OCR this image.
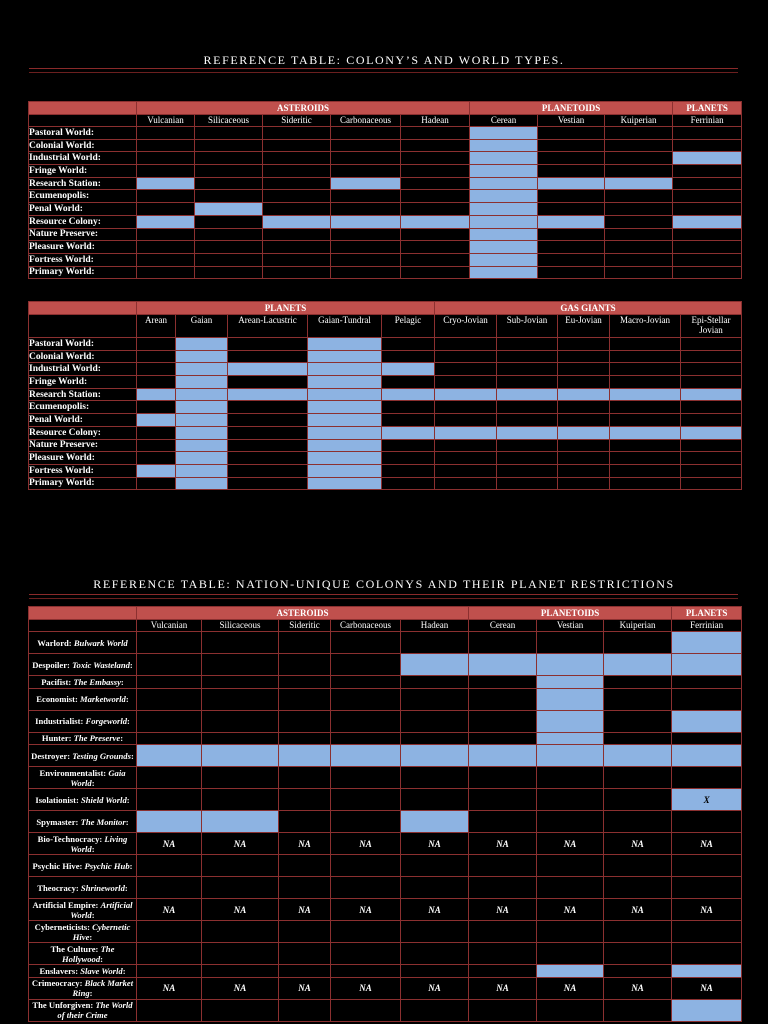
REFERENCE TABLE: COLONY’S AND WORLD TYPES.
	ASTEROIDS					PLANETOIDS			PLANETS
	Vulcanian	Silicaceous	Sideritic	Carbonaceous	Hadean	Cerean	Vestian	Kuiperian	Ferrinian
Pastoral World:									
Colonial World:									
Industrial World:									
Fringe World:									
Research Station:									
Ecumenopolis:									
Penal World:									
Resource Colony:									
Nature Preserve:									
Pleasure World:									
Fortress World:									
Primary World:									
	PLANETS					GAS GIANTS				
	Arean	Gaian	Arean-Lacustric	Gaian-Tundral	Pelagic	Cryo-Jovian	Sub-Jovian	Eu-Jovian	Macro-Jovian	Epi-Stellar Jovian
Pastoral World:										
Colonial World:										
Industrial World:										
Fringe World:										
Research Station:										
Ecumenopolis:										
Penal World:										
Resource Colony:										
Nature Preserve:										
Pleasure World:										
Fortress World:										
Primary World:										
REFERENCE TABLE: NATION-UNIQUE COLONYS AND THEIR PLANET RESTRICTIONS
	ASTEROIDS					PLANETOIDS			PLANETS
	Vulcanian	Silicaceous	Sideritic	Carbonaceous	Hadean	Cerean	Vestian	Kuiperian	Ferrinian
Warlord: Bulwark World									
Despoiler: Toxic Wasteland:									
Pacifist: The Embassy:									
Economist: Marketworld:									
Industrialist: Forgeworld:									
Hunter: The Preserve:									
Destroyer: Testing Grounds:									
Environmentalist: Gaia World:									
Isolationist: Shield World:									X
Spymaster: The Monitor:									
Bio-Technocracy: Living World:	NA	NA	NA	NA	NA	NA	NA	NA	NA
Psychic Hive: Psychic Hub:									
Theocracy: Shrineworld:									
Artificial Empire: Artificial World:	NA	NA	NA	NA	NA	NA	NA	NA	NA
Cyberneticists: Cybernetic Hive:									
The Culture: The Hollywood:									
Enslavers: Slave World:									
Crimeocracy: Black Market Ring:	NA	NA	NA	NA	NA	NA	NA	NA	NA
The Unforgiven: The World of their Crime									
